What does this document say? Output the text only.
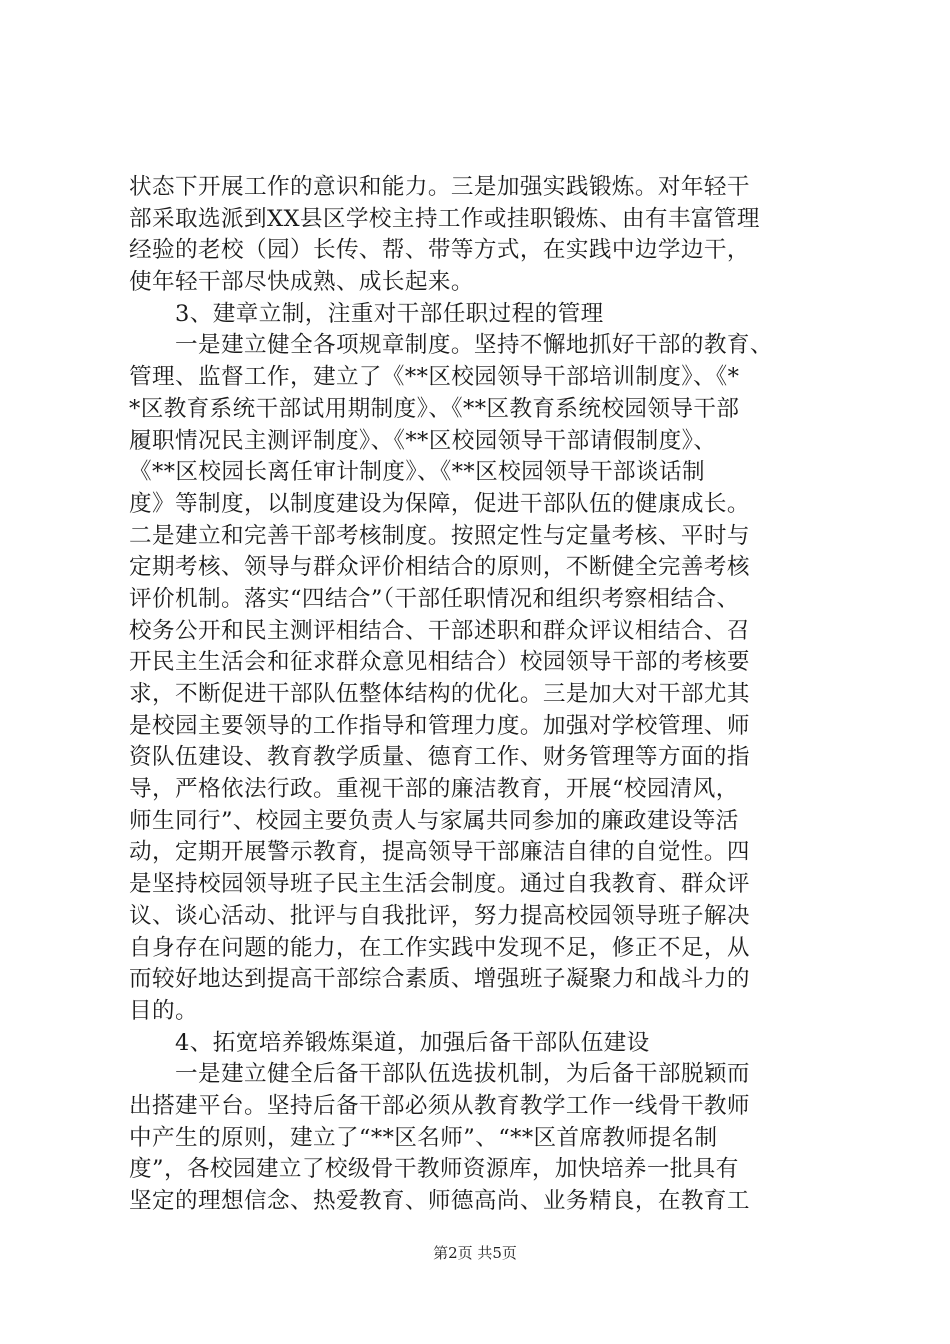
状态下开展工作的意识和能力。三是加强实践锻炼。对年轻干
部采取选派到XX县区学校主持工作或挂职锻炼、由有丰富管理
经验的老校（园）长传、帮、带等方式，在实践中边学边干，
使年轻干部尽快成熟、成长起来。
　　3、建章立制，注重对干部任职过程的管理
　　一是建立健全各项规章制度。坚持不懈地抓好干部的教育、
管理、监督工作，建立了《**区校园领导干部培训制度》、《*
*区教育系统干部试用期制度》、《**区教育系统校园领导干部
履职情况民主测评制度》、《**区校园领导干部请假制度》、
《**区校园长离任审计制度》、《**区校园领导干部谈话制
度》等制度，以制度建设为保障，促进干部队伍的健康成长。
二是建立和完善干部考核制度。按照定性与定量考核、平时与
定期考核、领导与群众评价相结合的原则，不断健全完善考核
评价机制。落实“四结合”（干部任职情况和组织考察相结合、
校务公开和民主测评相结合、干部述职和群众评议相结合、召
开民主生活会和征求群众意见相结合）校园领导干部的考核要
求，不断促进干部队伍整体结构的优化。三是加大对干部尤其
是校园主要领导的工作指导和管理力度。加强对学校管理、师
资队伍建设、教育教学质量、德育工作、财务管理等方面的指
导，严格依法行政。重视干部的廉洁教育，开展“校园清风，
师生同行”、校园主要负责人与家属共同参加的廉政建设等活
动，定期开展警示教育，提高领导干部廉洁自律的自觉性。四
是坚持校园领导班子民主生活会制度。通过自我教育、群众评
议、谈心活动、批评与自我批评，努力提高校园领导班子解决
自身存在问题的能力，在工作实践中发现不足，修正不足，从
而较好地达到提高干部综合素质、增强班子凝聚力和战斗力的
目的。
　　4、拓宽培养锻炼渠道，加强后备干部队伍建设
　　一是建立健全后备干部队伍选拔机制，为后备干部脱颖而
出搭建平台。坚持后备干部必须从教育教学工作一线骨干教师
中产生的原则，建立了“**区名师”、“**区首席教师提名制
度”，各校园建立了校级骨干教师资源库，加快培养一批具有
坚定的理想信念、热爱教育、师德高尚、业务精良，在教育工
第2页 共5页
